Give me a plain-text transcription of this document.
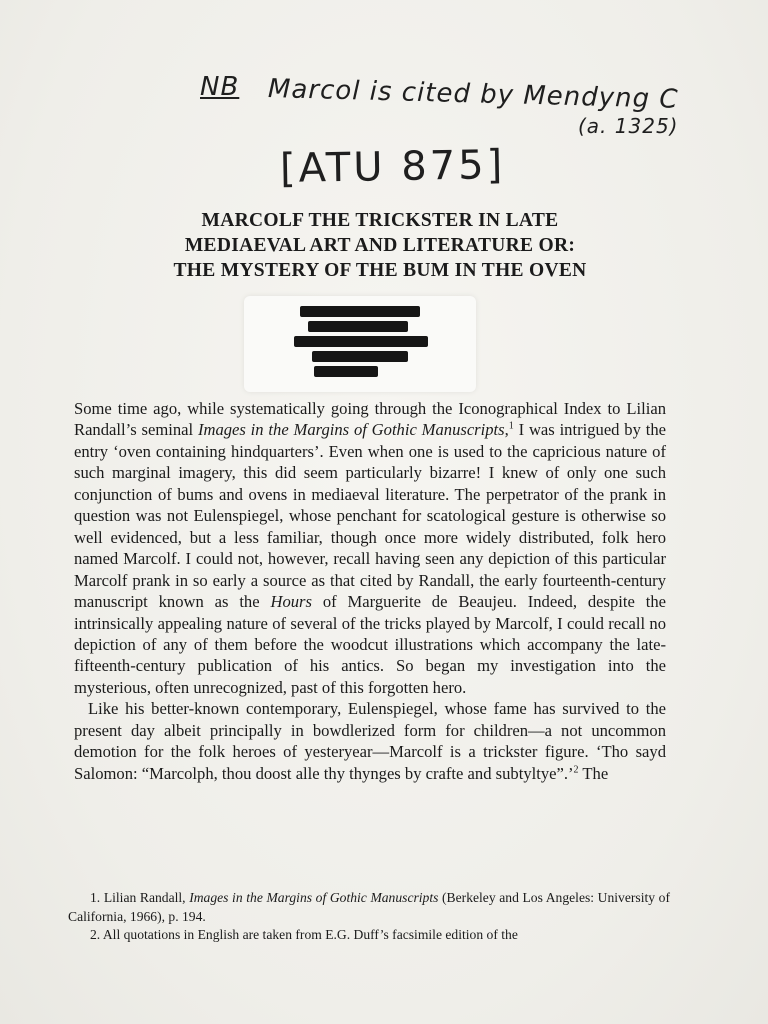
NB Marcol is cited by Mendyng C
(a. 1325)
[ATU 875]
MARCOLF THE TRICKSTER IN LATE
MEDIAEVAL ART AND LITERATURE OR:
THE MYSTERY OF THE BUM IN THE OVEN

Some time ago, while systematically going through the Iconographical Index to Lilian Randall’s seminal Images in the Margins of Gothic Manuscripts,$^1$ I was intrigued by the entry ‘oven containing hindquarters’. Even when one is used to the capricious nature of such marginal imagery, this did seem particularly bizarre! I knew of only one such conjunction of bums and ovens in mediaeval literature. The perpetrator of the prank in question was not Eulenspiegel, whose penchant for scatological gesture is otherwise so well evidenced, but a less familiar, though once more widely distributed, folk hero named Marcolf. I could not, however, recall having seen any depiction of this particular Marcolf prank in so early a source as that cited by Randall, the early fourteenth-century manuscript known as the Hours of Marguerite de Beaujeu. Indeed, despite the intrinsically appealing nature of several of the tricks played by Marcolf, I could recall no depiction of any of them before the woodcut illustrations which accompany the late-fifteenth-century publication of his antics. So began my investigation into the mysterious, often unrecognized, past of this forgotten hero.

Like his better-known contemporary, Eulenspiegel, whose fame has survived to the present day albeit principally in bowdlerized form for children—a not uncommon demotion for the folk heroes of yesteryear—Marcolf is a trickster figure. ‘Tho sayd Salomon: “Marcolph, thou doost alle thy thynges by crafte and subtyltye”.’$^2$ The

1. Lilian Randall, Images in the Margins of Gothic Manuscripts (Berkeley and Los Angeles: University of California, 1966), p. 194.

2. All quotations in English are taken from E.G. Duff’s facsimile edition of the
